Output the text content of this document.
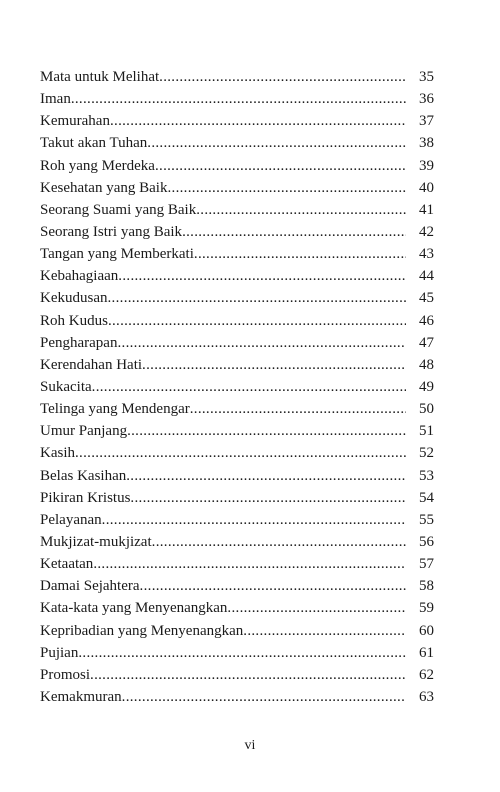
Mata untuk Melihat .....	35
Iman .....	36
Kemurahan .....	37
Takut akan Tuhan .....	38
Roh yang Merdeka .....	39
Kesehatan yang Baik .....	40
Seorang Suami yang Baik .....	41
Seorang Istri yang Baik .....	42
Tangan yang Memberkati .....	43
Kebahagiaan .....	44
Kekudusan .....	45
Roh Kudus .....	46
Pengharapan .....	47
Kerendahan Hati .....	48
Sukacita .....	49
Telinga yang Mendengar .....	50
Umur Panjang .....	51
Kasih .....	52
Belas Kasihan .....	53
Pikiran Kristus .....	54
Pelayanan .....	55
Mukjizat-mukjizat .....	56
Ketaatan .....	57
Damai Sejahtera .....	58
Kata-kata yang Menyenangkan .....	59
Kepribadian yang Menyenangkan .....	60
Pujian .....	61
Promosi .....	62
Kemakmuran .....	63
vi
